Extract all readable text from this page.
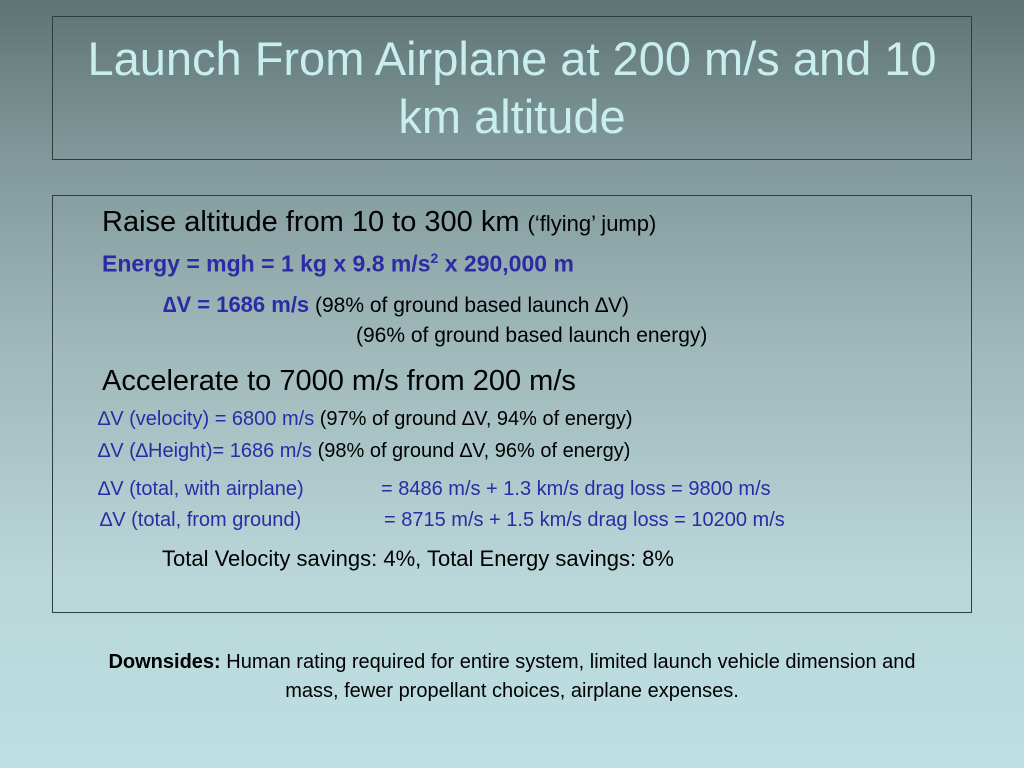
Launch From Airplane at 200 m/s and 10 km altitude
Raise altitude from 10 to 300 km (‘flying’ jump)
Energy = mgh = 1 kg x 9.8 $m/s^2$ x 290,000 m
∆V = 1686 m/s (98% of ground based launch ∆V)
(96% of ground based launch energy)
Accelerate to 7000 m/s from 200 m/s
∆V (velocity) = 6800 m/s (97% of ground ∆V, 94% of energy)
∆V (∆Height)= 1686 m/s (98% of ground ∆V, 96% of energy)
∆V (total, with airplane)	= 8486 m/s + 1.3 km/s drag loss = 9800 m/s
∆V (total, from ground)	= 8715 m/s + 1.5 km/s drag loss = 10200 m/s
Total Velocity savings: 4%, Total Energy savings: 8%
Downsides: Human rating required for entire system, limited launch vehicle dimension and mass, fewer propellant choices, airplane expenses.
